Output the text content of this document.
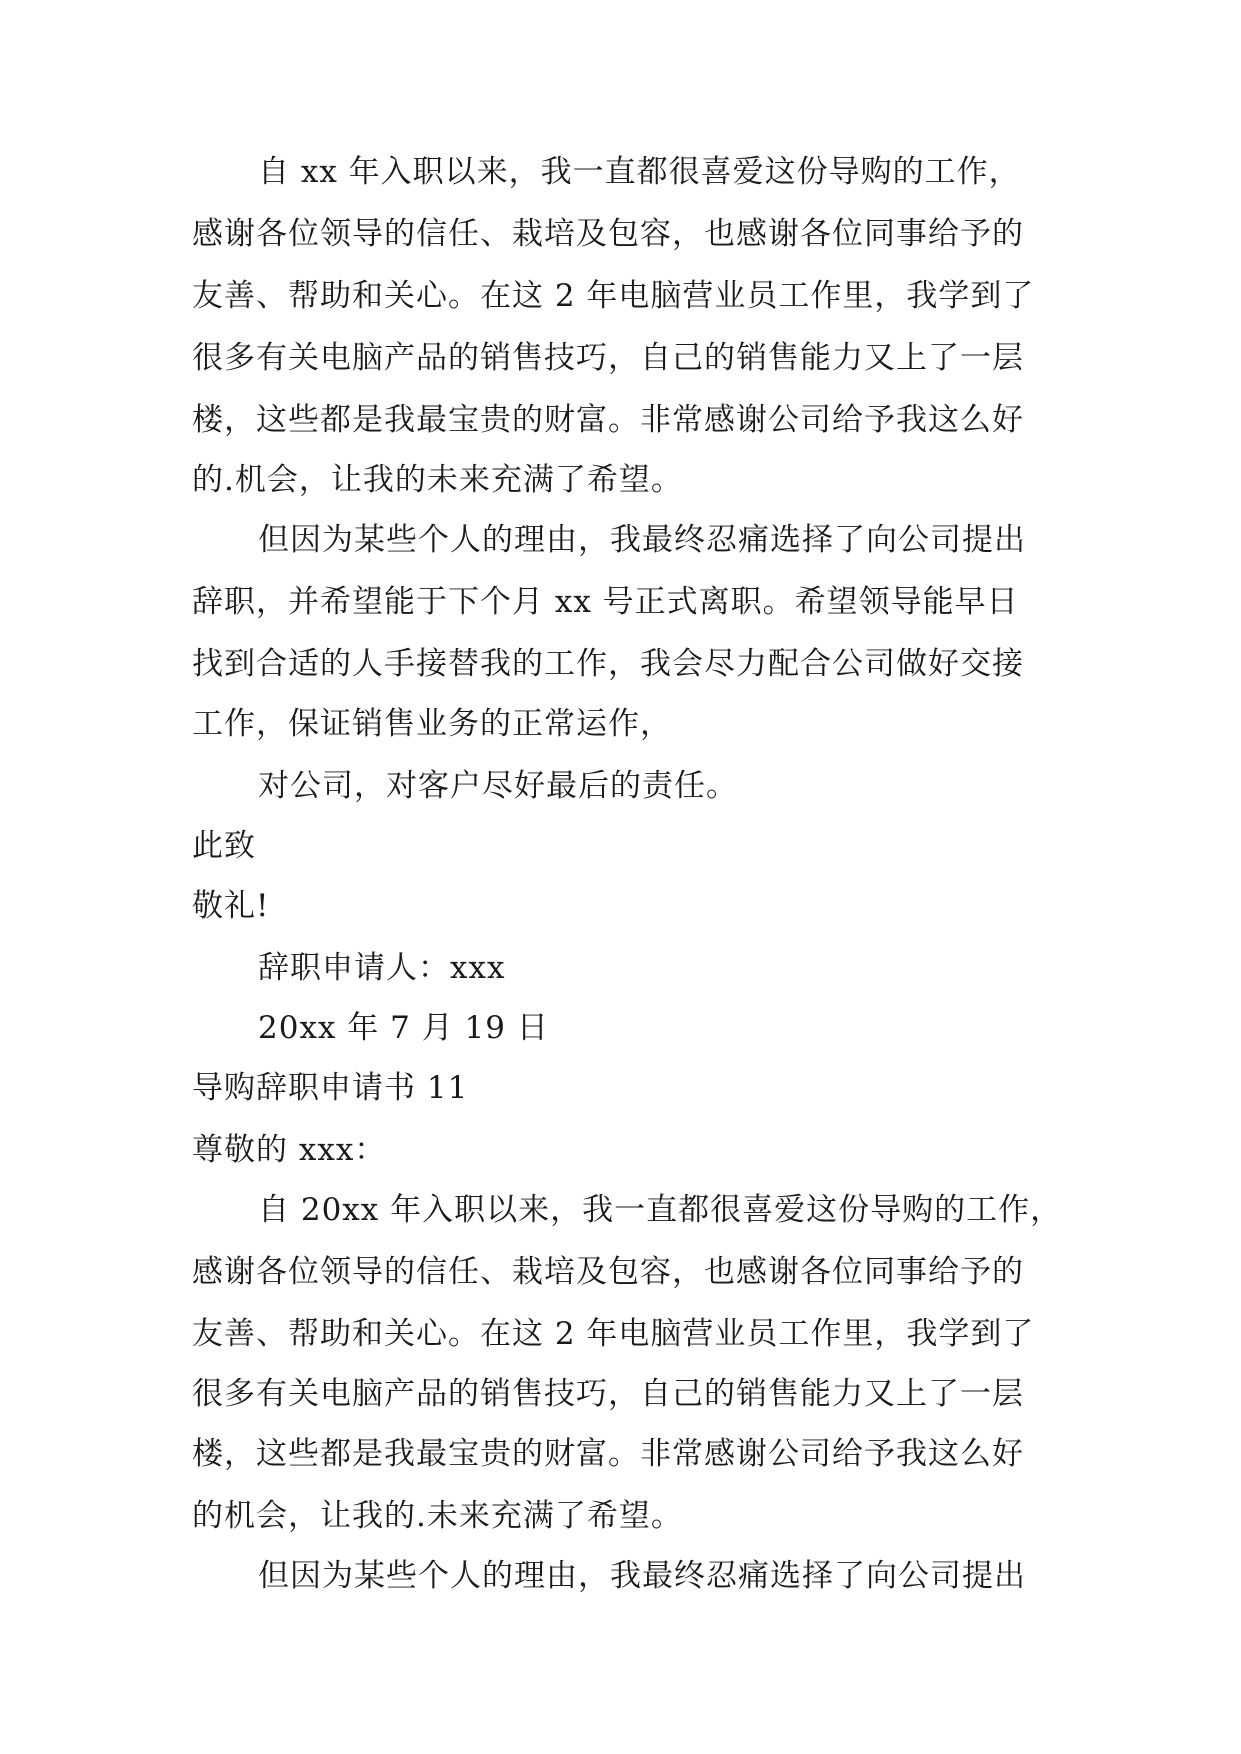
自 xx 年入职以来，我一直都很喜爱这份导购的工作，
感谢各位领导的信任、栽培及包容，也感谢各位同事给予的
友善、帮助和关心。在这 2 年电脑营业员工作里，我学到了
很多有关电脑产品的销售技巧，自己的销售能力又上了一层
楼，这些都是我最宝贵的财富。非常感谢公司给予我这么好
的.机会，让我的未来充满了希望。
但因为某些个人的理由，我最终忍痛选择了向公司提出
辞职，并希望能于下个月 xx 号正式离职。希望领导能早日
找到合适的人手接替我的工作，我会尽力配合公司做好交接
工作，保证销售业务的正常运作，
对公司，对客户尽好最后的责任。
此致
敬礼!
辞职申请人：xxx
20xx 年 7 月 19 日
导购辞职申请书 11
尊敬的 xxx：
自 20xx 年入职以来，我一直都很喜爱这份导购的工作，
感谢各位领导的信任、栽培及包容，也感谢各位同事给予的
友善、帮助和关心。在这 2 年电脑营业员工作里，我学到了
很多有关电脑产品的销售技巧，自己的销售能力又上了一层
楼，这些都是我最宝贵的财富。非常感谢公司给予我这么好
的机会，让我的.未来充满了希望。
但因为某些个人的理由，我最终忍痛选择了向公司提出
